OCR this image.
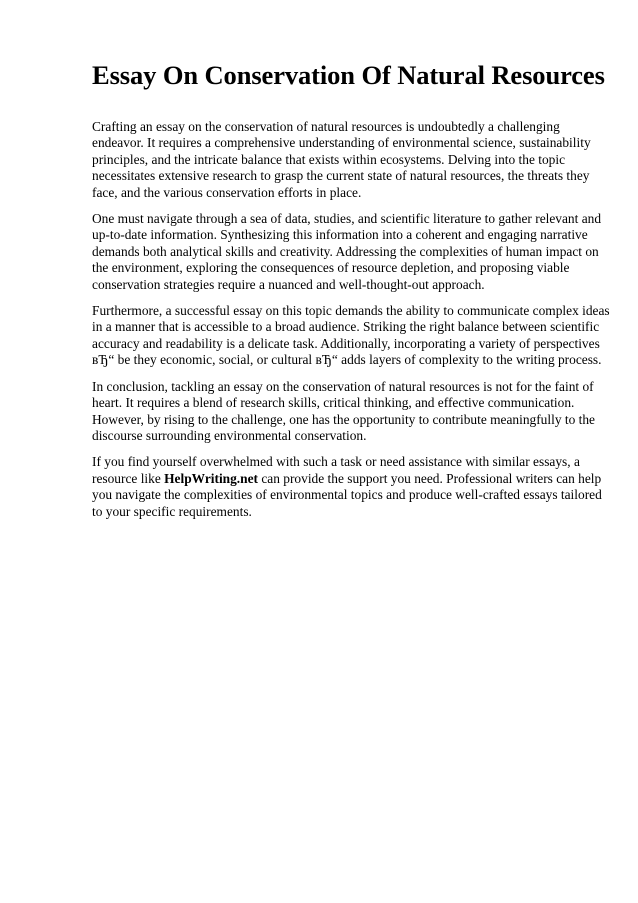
Essay On Conservation Of Natural Resources

Crafting an essay on the conservation of natural resources is undoubtedly a challenging
endeavor. It requires a comprehensive understanding of environmental science, sustainability
principles, and the intricate balance that exists within ecosystems. Delving into the topic
necessitates extensive research to grasp the current state of natural resources, the threats they
face, and the various conservation efforts in place.

One must navigate through a sea of data, studies, and scientific literature to gather relevant and
up-to-date information. Synthesizing this information into a coherent and engaging narrative
demands both analytical skills and creativity. Addressing the complexities of human impact on
the environment, exploring the consequences of resource depletion, and proposing viable
conservation strategies require a nuanced and well-thought-out approach.

Furthermore, a successful essay on this topic demands the ability to communicate complex ideas
in a manner that is accessible to a broad audience. Striking the right balance between scientific
accuracy and readability is a delicate task. Additionally, incorporating a variety of perspectives
вЂ“ be they economic, social, or cultural вЂ“ adds layers of complexity to the writing process.

In conclusion, tackling an essay on the conservation of natural resources is not for the faint of
heart. It requires a blend of research skills, critical thinking, and effective communication.
However, by rising to the challenge, one has the opportunity to contribute meaningfully to the
discourse surrounding environmental conservation.

If you find yourself overwhelmed with such a task or need assistance with similar essays, a
resource like HelpWriting.net can provide the support you need. Professional writers can help
you navigate the complexities of environmental topics and produce well-crafted essays tailored
to your specific requirements.
